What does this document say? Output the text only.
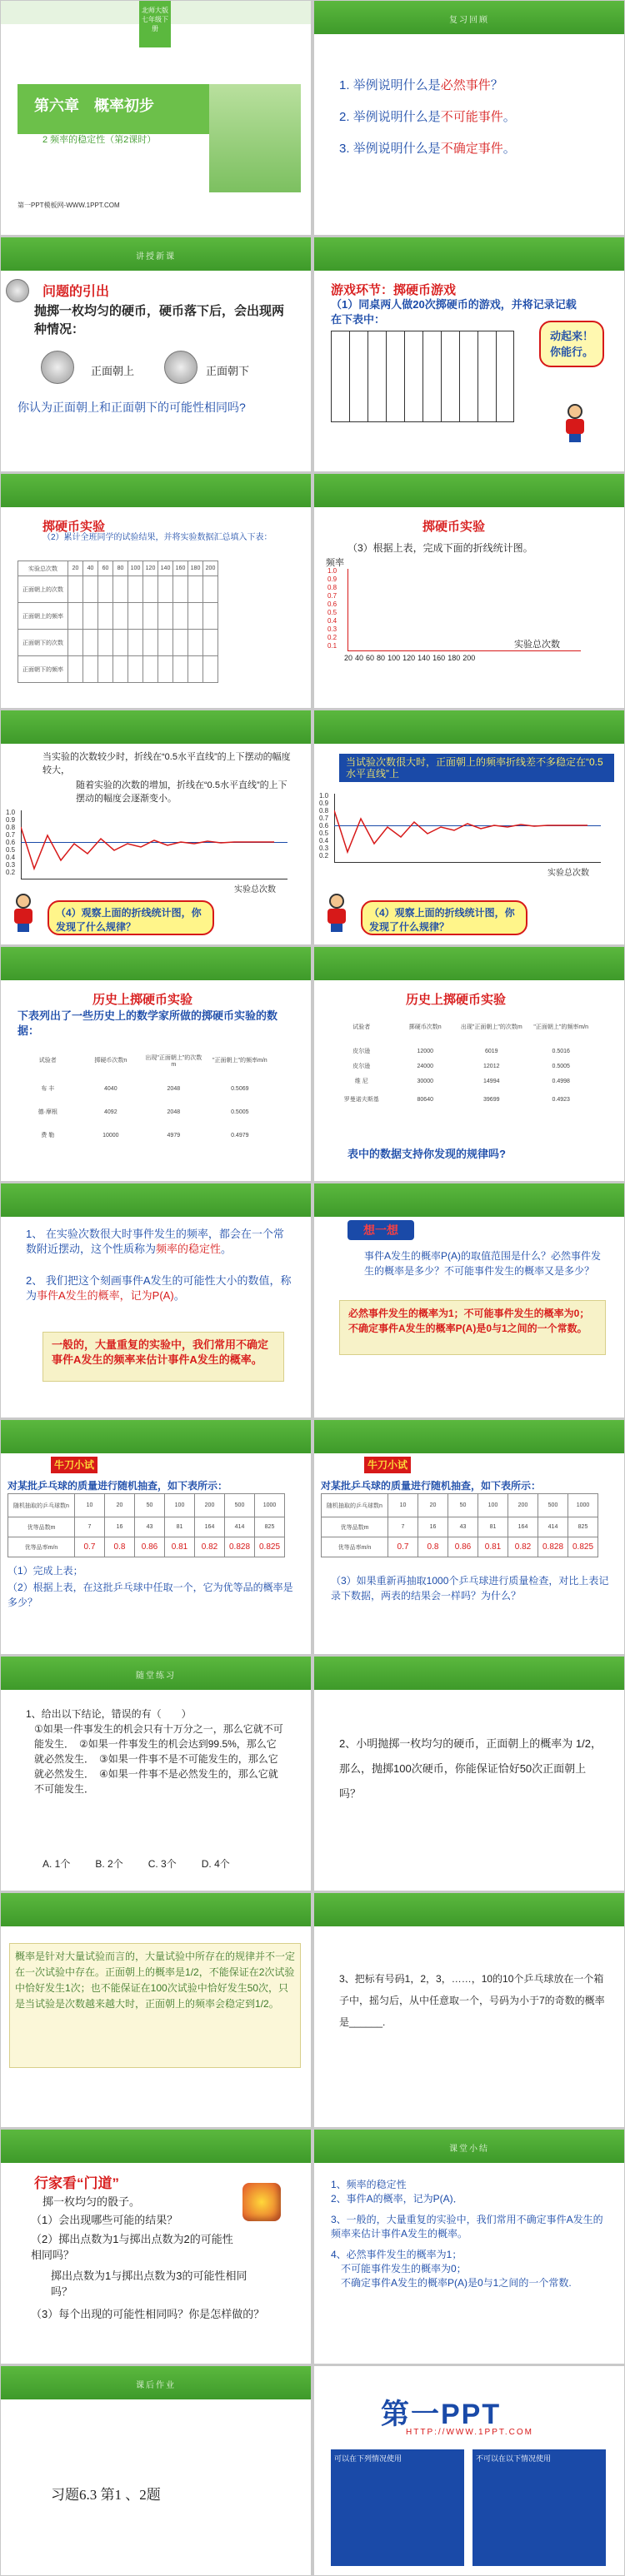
北师大版七年级下册
第六章　概率初步
2 频率的稳定性（第2课时）
第一PPT模板网-WWW.1PPT.COM
复习回顾
1. 举例说明什么是必然事件？
2. 举例说明什么是不可能事件。
3. 举例说明什么是不确定事件。
讲授新课
问题的引出
抛掷一枚均匀的硬币，硬币落下后，会出现两种情况：
正面朝上	正面朝下
你认为正面朝上和正面朝下的可能性相同吗?
游戏环节：掷硬币游戏
（1）同桌两人做20次掷硬币的游戏，并将记录记载在下表中：
动起来！你能行。
掷硬币实验
（2）累计全班同学的试验结果，并将实验数据汇总填入下表：
实验总次数	20	40	60	80	100	120	140	160	180	200
正面朝上的次数										
正面朝上的频率										
正面朝下的次数										
正面朝下的频率										
掷硬币实验
（3）根据上表，完成下面的折线统计图。
频率
1.0
0.9
0.8
0.7
0.6
0.5
0.4
0.3
0.2
0.1	实验总次数
20 40 60 80 100 120 140 160 180 200
当实验的次数较少时，折线在“0.5水平直线”的上下摆动的幅度较大，
随着实验的次数的增加，折线在“0.5水平直线”的上下摆动的幅度会逐渐变小。
1.0
0.9
0.8
0.7
0.6
0.5
0.4
0.3
0.2
实验总次数
（4）观察上面的折线统计图，你发现了什么规律？
当试验次数很大时，正面朝上的频率折线差不多稳定在“0.5水平直线”上
1.0
0.9
0.8
0.7
0.6
0.5
0.4
0.3
0.2
实验总次数
（4）观察上面的折线统计图，你发现了什么规律？
历史上掷硬币实验
下表列出了一些历史上的数学家所做的掷硬币实验的数据：
试验者	掷硬币次数n	出现"正面朝上"的次数m	"正面朝上"的频率m/n
布 丰	4040	2048	0.5069
德·摩根	4092	2048	0.5005
费 勒	10000	4979	0.4979
历史上掷硬币实验
试验者	掷硬币次数n	出现"正面朝上"的次数m	"正面朝上"的频率m/n
皮尔逊	12000	6019	0.5016
皮尔逊	24000	12012	0.5005
维 尼	30000	14994	0.4998
罗曼诺夫斯基	80640	39699	0.4923
表中的数据支持你发现的规律吗?
1、 在实验次数很大时事件发生的频率，都会在一个常数附近摆动，这个性质称为频率的稳定性。
2、 我们把这个刻画事件A发生的可能性大小的数值，称为事件A发生的概率，记为P(A)。
一般的，大量重复的实验中，我们常用不确定事件A发生的频率来估计事件A发生的概率。
想一想
事件A发生的概率P(A)的取值范围是什么？必然事件发生的概率是多少？不可能事件发生的概率又是多少？
必然事件发生的概率为1；不可能事件发生的概率为0；不确定事件A发生的概率P(A)是0与1之间的一个常数。
牛刀小试
对某批乒乓球的质量进行随机抽查，如下表所示：
随机抽取的乒乓球数n	10	20	50	100	200	500	1000
优等品数m	7	16	43	81	164	414	825
优等品率m/n	0.7	0.8	0.86	0.81	0.82	0.828	0.825
（1）完成上表；
（2）根据上表，在这批乒乓球中任取一个，它为优等品的概率是多少？
牛刀小试
对某批乒乓球的质量进行随机抽查，如下表所示：
随机抽取的乒乓球数n	10	20	50	100	200	500	1000
优等品数m	7	16	43	81	164	414	825
优等品率m/n	0.7	0.8	0.86	0.81	0.82	0.828	0.825
（3）如果重新再抽取1000个乒乓球进行质量检查，对比上表记录下数据，两表的结果会一样吗？为什么？
随堂练习
1、给出以下结论，错误的有（　　）
①如果一件事发生的机会只有十万分之一，那么它就不可能发生．　②如果一件事发生的机会达到99.5%，那么它就必然发生．　③如果一件事不是不可能发生的，那么它就必然发生．　④如果一件事不是必然发生的，那么它就不可能发生．
A. 1个	B. 2个	C. 3个	D. 4个
2、小明抛掷一枚均匀的硬币，正面朝上的概率为 1/2，那么，抛掷100次硬币，你能保证恰好50次正面朝上吗？
概率是针对大量试验而言的，大量试验中所存在的规律并不一定在一次试验中存在。正面朝上的概率是1/2，不能保证在2次试验中恰好发生1次；也不能保证在100次试验中恰好发生50次，只是当试验是次数越来越大时，正面朝上的频率会稳定到1/2。
3、把标有号码1，2，3，……，10的10个乒乓球放在一个箱子中，摇匀后，从中任意取一个，号码为小于7的奇数的概率是______.
行家看“门道”
掷一枚均匀的骰子。
（1）会出现哪些可能的结果？
（2）掷出点数为1与掷出点数为2的可能性相同吗？
掷出点数为1与掷出点数为3的可能性相同吗？
（3）每个出现的可能性相同吗？你是怎样做的？
课堂小结
1、频率的稳定性
2、事件A的概率，记为P(A)．
3、一般的，大量重复的实验中，我们常用不确定事件A发生的频率来估计事件A发生的概率。
4、必然事件发生的概率为1；
不可能事件发生的概率为0；
不确定事件A发生的概率P(A)是0与1之间的一个常数.
课后作业
习题6.3 第1 、2题
第一PPT
HTTP://WWW.1PPT.COM
可以在下列情况使用	不可以在以下情况使用
